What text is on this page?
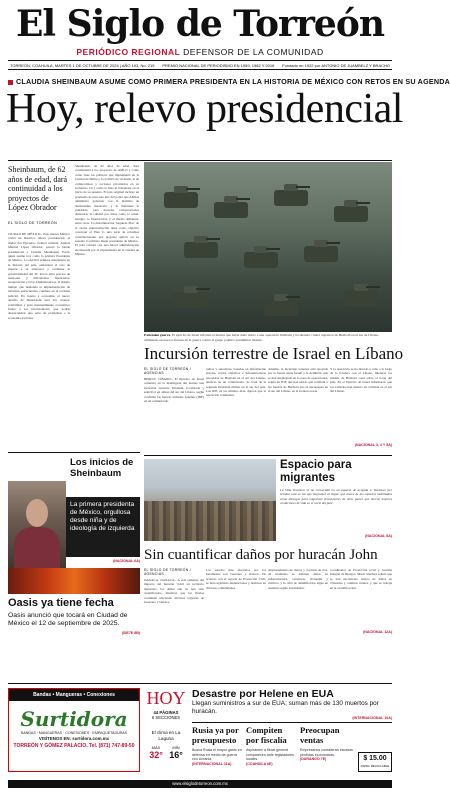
El Siglo de Torreón
PERIÓDICO REGIONAL DEFENSOR DE LA COMUNIDAD
TORREÓN, COAHUILA, MARTES 1 DE OCTUBRE DE 2024 | AÑO 103, No. 215 PREMIO NACIONAL DE PERIODISMO EN 1959, 1982 Y 2016 Fundado en 1922 por ANTONIO DE JUAMBELZ Y BRACHO
CLAUDIA SHEINBAUM ASUME COMO PRIMERA PRESIDENTA EN LA HISTORIA DE MÉXICO CON RETOS EN SU AGENDA
Hoy, relevo presidencial
Sheinbaum, de 62 años de edad, dará continuidad a los proyectos de López Obrador
EL SIGLO DE TORREÓN
CIUDAD DE MÉXICO.- Este martes México vivirá un histórico relevo presidencial, el titular del Ejecutivo federal saliente, Andrés Manuel López Obrador, pasará la banda presidencial a Claudia Sheinbaum. Pardo quien asume hoy como la primera Presidenta de México. La efectiva primera mandataria en la historia del país, enfrentará el reto de superar a su antecesor y continuar la gobernabilidad del 4T. Pocos años previos de tensiones y dificultades financieras, recuperación y retos administrativos, al mismo tiempo que demanda la implementación de reformas estructurales, cambios en la revisión judicial. En cuanto a economía, el nuevo desafío de Sheinbaum será dar certeza, estabilidad y gran mantenimiento económico frente a los inversionistas, que podría desencadenar una serie de problemas a la economía nacional.
Sheinbaum, de 62 años de edad, dará continuidad a los proyectos de AMLO y como como base las políticas que implementó en la Ciudad de México, la política de vivienda, la de compromisos y acciones prioritarias en su Gobierno, tal y como lo hizo el trabajador en el inicio de su sexenio. El país original incluye un promedio de pies este año del poder que AMLO administro gobernar con la máxima de 'humanismo mexicano' y lo mentiene la saludable, para hacerlas comparaciones demostrar la calidad por áreas como la salud, energía, la financiación y el medio ambiente, entre otras. La denominación 'Segundo Piso' de la cuarta transformación tiene como objetivo concretar el Plan C, una serie de reformas constitucionales que propone aplicar en su sexenio la primera mujer presidenta de México. El país contará con una nueva administración encabezada por la expresidenta de la Ciudad de México.
Extienden guerra. El ejército de Israel informó el martes que había dado inicio a una operación 'limitada y focalizada' contra objetivos de Hezbolá en el sur de Líbano, afirmando en nuevos frentes en la guerra contra el grupo político paramilitar libanés.
Incursión terrestre de Israel en Líbano
EL SIGLO DE TORREÓN / AGENCIAS
BEIRUT, LÍBANO.- El Ejército de Israel comenzó en la madrugada del martes una incursión terrestre 'limitada, focalizada y selectiva' en aldeas del sur del Líbano, según confirmó las fuerzas armadas israelíes (IDF) en un comunicado.
radios y selectivas, basadas en información precisa, contra objetivos e infraestructuras terroristas de Hezbolá en el sur del Líbano, anunció en un comunicado. Se trata de la segunda incursión militar en el sur del país. Las IDF, en los últimos días, dijeron que la operación continuará.
Además, la incursión terrestre está apoyada por la fuerza aérea israelí y la Artillería, que se han desplegado en la zona de operaciones, según las IDF, que han tenido que combatir a las fuerzas de Hezbolá que se encuentran en el sur del Líbano, en la frontera norte.
Y la operación se ha llevado a cabo a lo largo de la frontera con el Líbano, mientras los misiles de Hezbolá caen sobre el norte del país. En el Ejército de Israel informaron que los soldados han muerto en combate en el sur del Líbano.
(NACIONAL 3, 4 Y 5A)
Espacio para migrantes
La Villa Ilusiones se ha convertido en un espacio de acogida a 'Ilusiones por brindar esta en las que migrantes al llegar, que ahora de los espacios habilitados como albergue para migrantes provenientes de otros países que buscan mejores condiciones de vida en el norte del país'.
(NACIONAL 8A)
Los inicios de Sheinbaum
La primera presidenta de México, orgullosa desde niña y de ideología de izquierda
(NACIONAL 6A) Sin cuantificar daños por huracán John
EL SIGLO DE TORREÓN / AGENCIAS
OAXACA, OAXACA.- A seis semanas del impacto del huracán 'John' en territorio mexicano, los daños aún no han sido cuantificados, mientras que las lluvias continúan afectando diversas regiones de Guerrero y Oaxaca.
Los estados más afectados por los fenómenos son Guerrero y Oaxaca. De acuerdo con el reporte de Protección Civil, se han registrado inundaciones y deslaves en diversas comunidades.
desplazamiento de tierras y crecidas de ríos. Al momento se estiman daños en infraestructura, carreteras, viviendas y cultivos, y la cifra de damnificados sigue en aumento según autoridades.
coordinador de Protección Civil y Gestión Integral de Riesgos. Mario Sánchez señaló que se han encontrado rastros de daños en viviendas y caminos rurales, y que se trabaja en la cuantificación.
(NACIONAL 12A)
Oasis ya tiene fecha
Oasis anunció que tocará en Ciudad de México el 12 de septiembre de 2025.
(SIE7E 8B)
Bandas • Mangueras • Conexiones
Surtidora
BANDAS · MANGUERAS · CONEXIONES · EMPAQUETADURAS
VISÍTENOS EN: surtidora.com.mx
TORREÓN Y GÓMEZ PALACIO, Tel. (871) 747-89-50
HOY
44 PÁGINAS
6 SECCIONES
El clima en La Laguna
MÁX
32°
MÍN
16°
Desastre por Helene en EUA
Llegan suministros a sur de EUA; suman más de 130 muertos por huracán.
(INTERNACIONAL 10A)
Rusia ya por presupuesto
Busca Rusia el mayor gasto en defensa en medio de guerra con Ucrania.
(INTERNACIONAL 11A)
Compiten por fiscalía
Aspirantes a fiscal general comparecen ante legisladores locales.
(COAHUILA 6E)
Preocupan ventas
Empresarios consideran escasas perdidas económicas.
(DURANGO 7E)	$ 15.00
PAPEL RECICLABLE
www.elsiglodetorreon.com.mx
